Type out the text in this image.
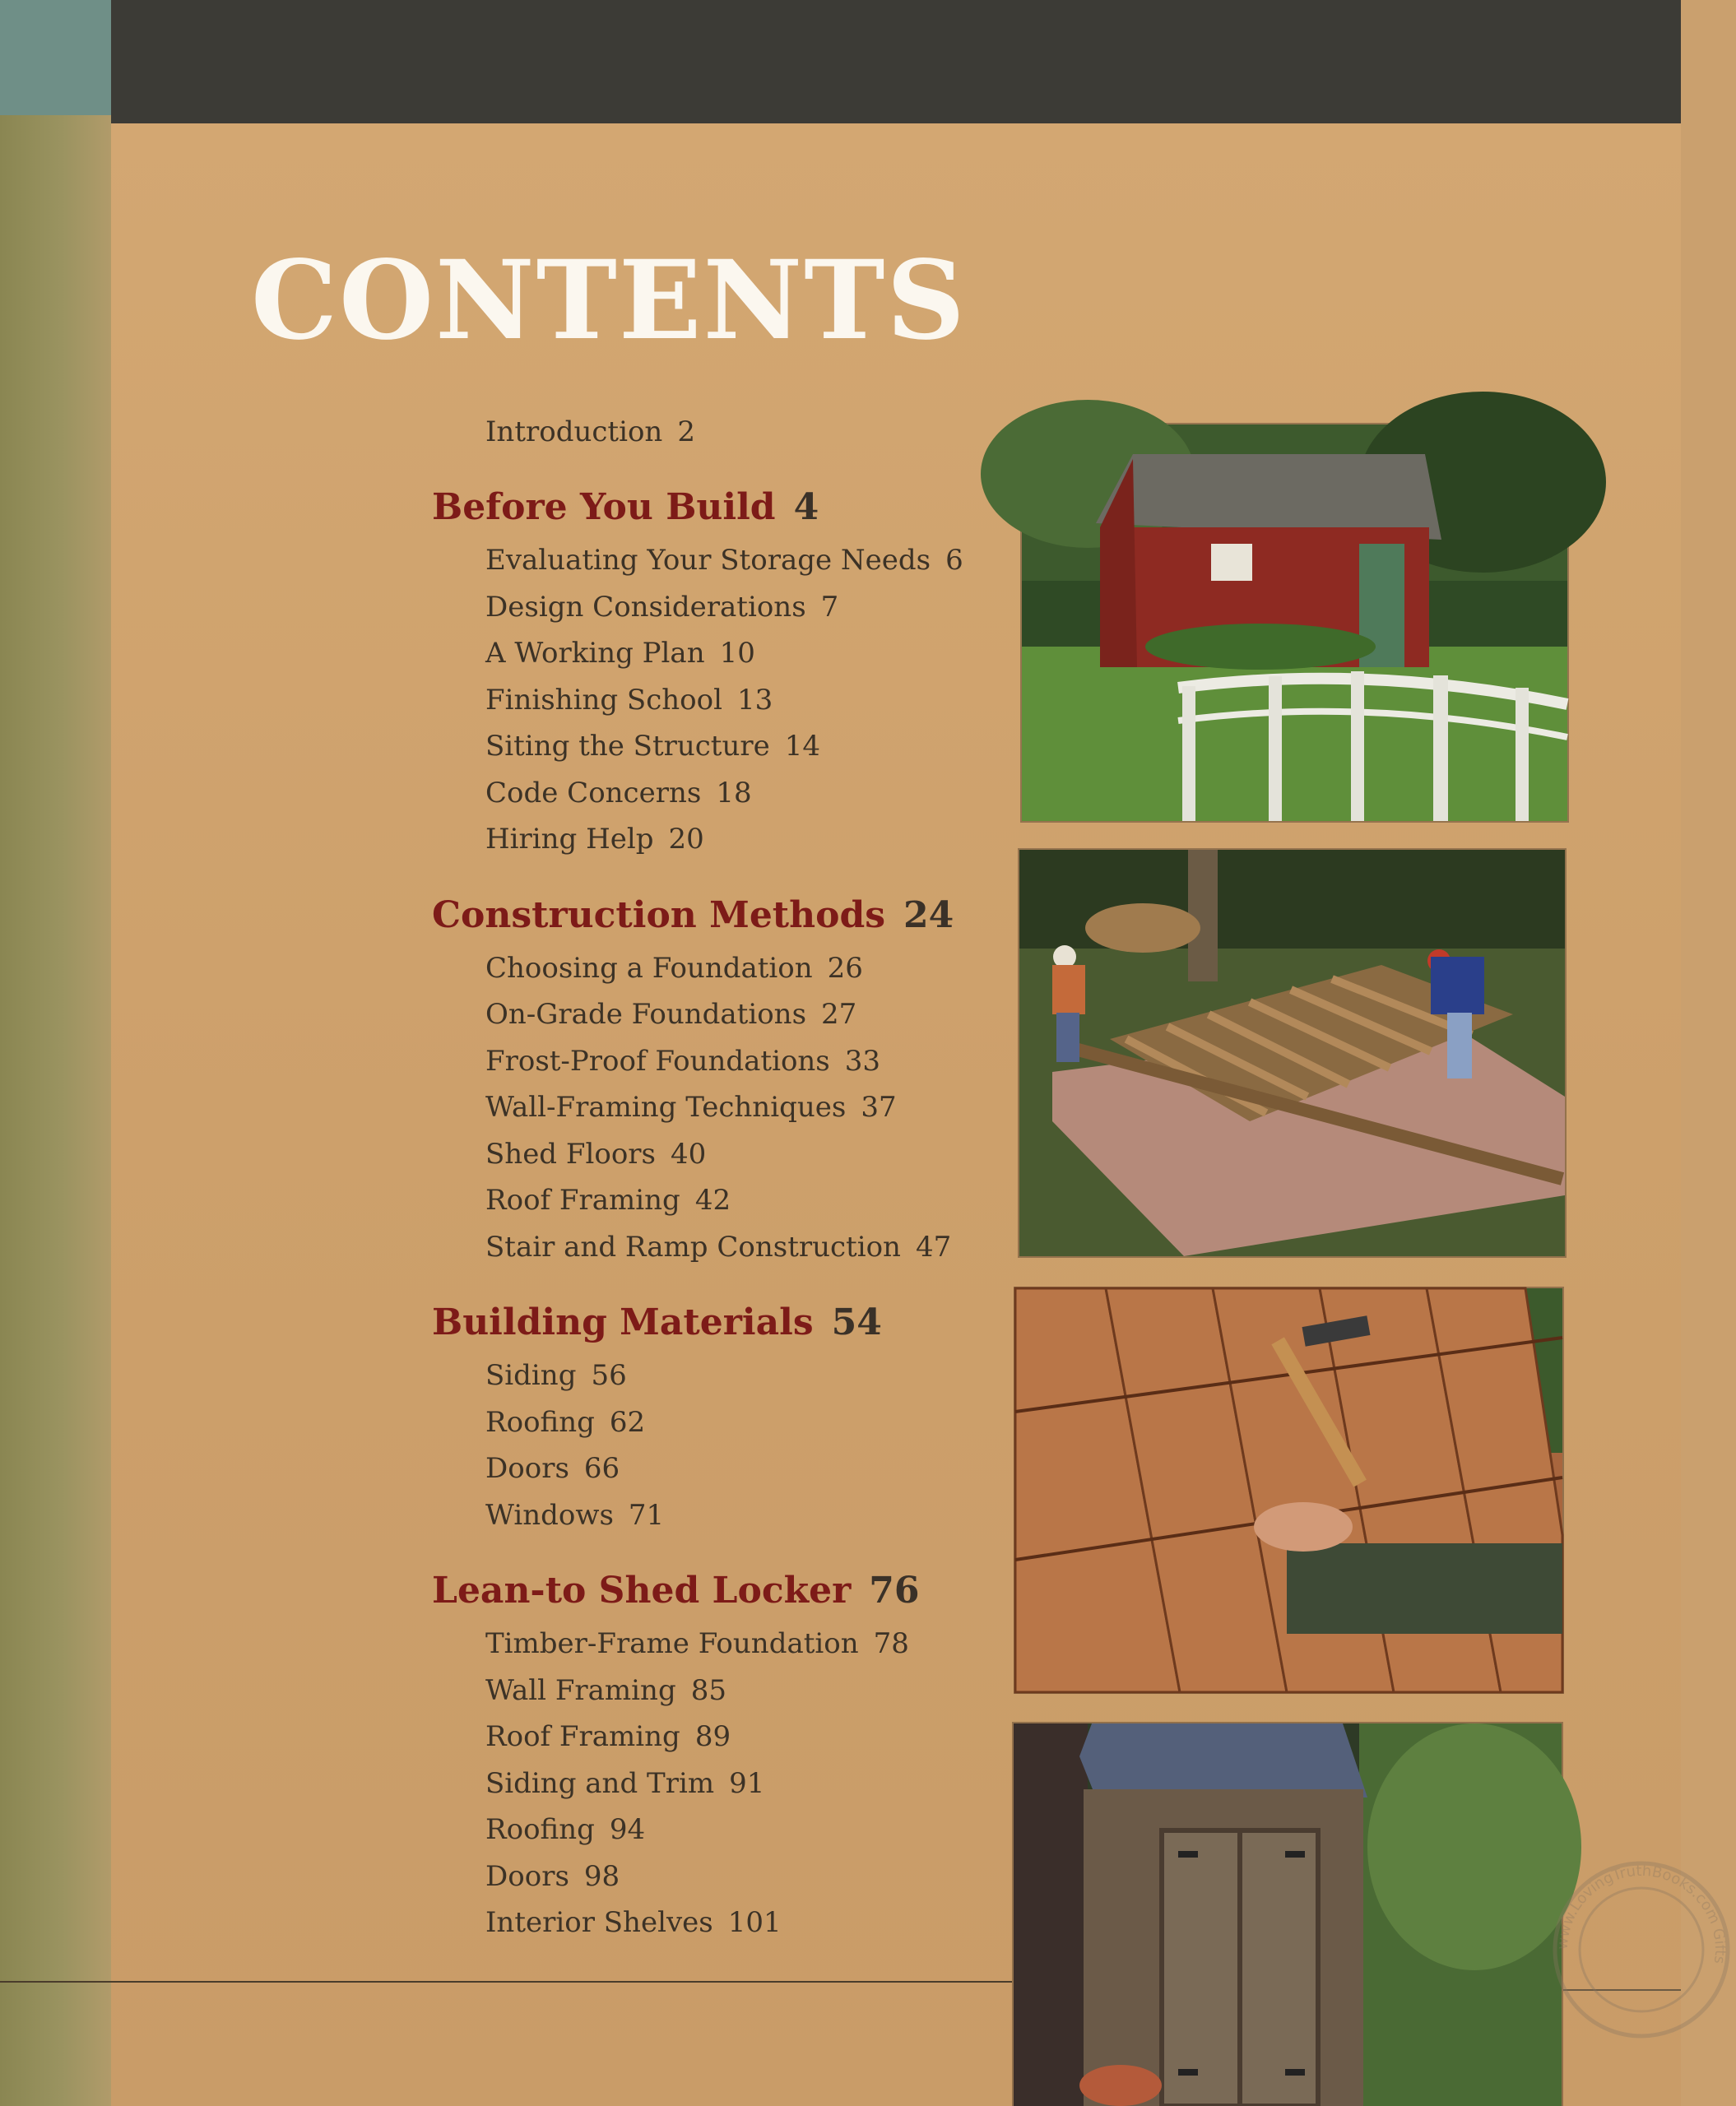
CONTENTS
Introduction 2
Before You Build 4
Evaluating Your Storage Needs 6
Design Considerations 7
A Working Plan 10
Finishing School 13
Siting the Structure 14
Code Concerns 18
Hiring Help 20
Construction Methods 24
Choosing a Foundation 26
On-Grade Foundations 27
Frost-Proof Foundations 33
Wall-Framing Techniques 37
Shed Floors 40
Roof Framing 42
Stair and Ramp Construction 47
Building Materials 54
Siding 56
Roofing 62
Doors 66
Windows 71
Lean-to Shed Locker 76
Timber-Frame Foundation 78
Wall Framing 85
Roof Framing 89
Siding and Trim 91
Roofing 94
Doors 98
Interior Shelves 101
www.LovingTruthBooks.com Gifts
